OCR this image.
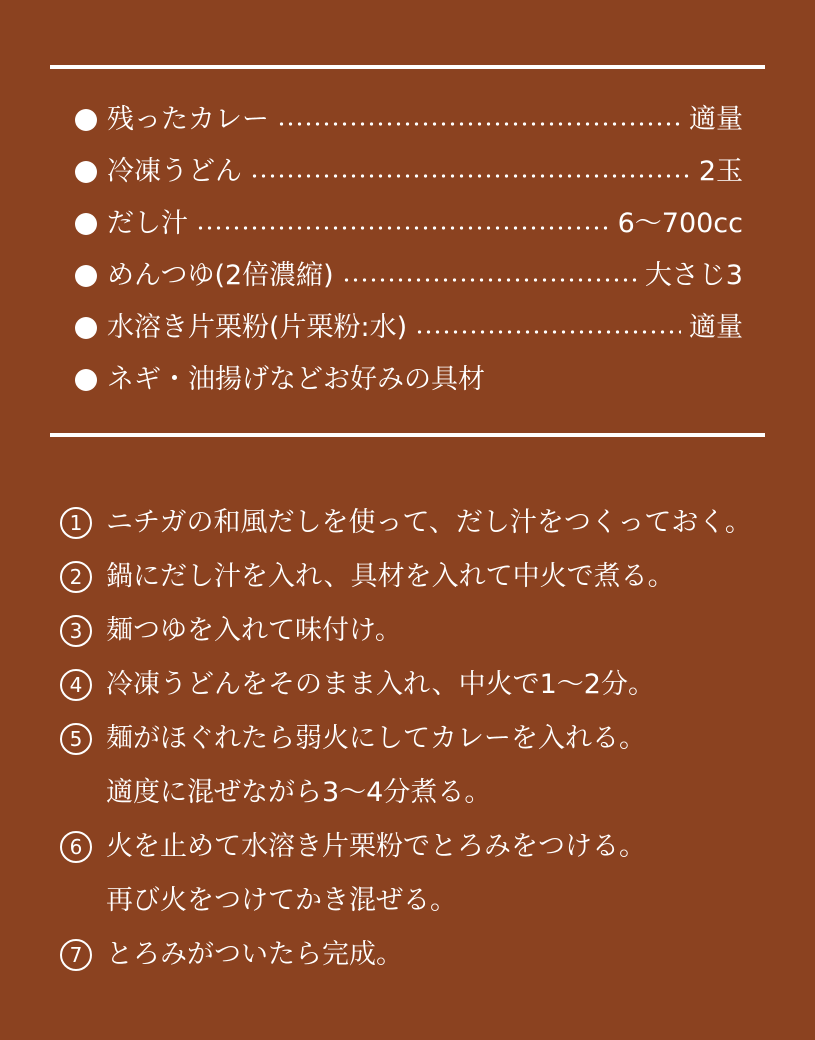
残ったカレー	適量
冷凍うどん	2玉
だし汁	6～700cc
めんつゆ(2倍濃縮)	大さじ3
水溶き片栗粉(片栗粉:水)	適量
ネギ・油揚げなどお好みの具材
1 ニチガの和風だしを使って、だし汁をつくっておく。
2 鍋にだし汁を入れ、具材を入れて中火で煮る。
3 麺つゆを入れて味付け。
4 冷凍うどんをそのまま入れ、中火で1～2分。
5 麺がほぐれたら弱火にしてカレーを入れる。
適度に混ぜながら3～4分煮る。
6 火を止めて水溶き片栗粉でとろみをつける。
再び火をつけてかき混ぜる。
7 とろみがついたら完成。
